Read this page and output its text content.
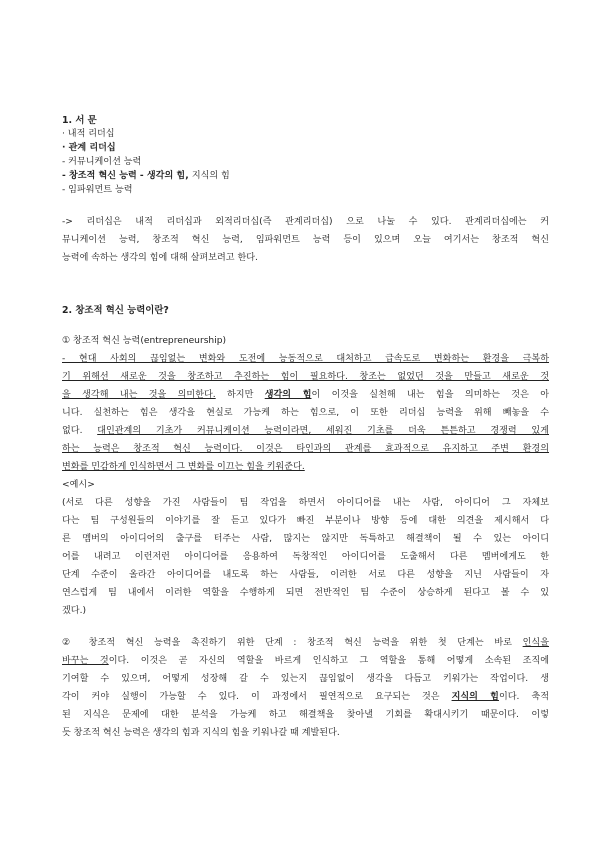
1. 서 문
· 내적 리더십
· 관계 리더십
- 커뮤니케이션 능력
- 창조적 혁신 능력 - 생각의 힘, 지식의 힘
- 임파워먼트 능력
-> 리더십은 내적 리더십과 외적리더십(즉 관계리더십) 으로 나눌 수 있다. 관계리더십에는 커
뮤니케이션 능력, 창조적 혁신 능력, 임파워먼트 능력 등이 있으며 오늘 여기서는 창조적 혁신
능력에 속하는 생각의 힘에 대해 살펴보려고 한다.
2. 창조적 혁신 능력이란?
① 창조적 혁신 능력(entrepreneurship)
- 현대 사회의 끊임없는 변화와 도전에 능동적으로 대처하고 급속도로 변화하는 환경을 극복하
기 위해선 새로운 것을 창조하고 추진하는 힘이 필요하다. 창조는 없었던 것을 만들고 새로운 것
을 생각해 내는 것을 의미한다. 하지만 생각의 힘이 이것을 실천해 내는 힘을 의미하는 것은 아
니다. 실천하는 힘은 생각을 현실로 가능케 하는 힘으로, 이 또한 리더십 능력을 위해 빼놓을 수
없다. 대인관계의 기초가 커뮤니케이션 능력이라면, 세워진 기초를 더욱 튼튼하고 경쟁력 있게
하는 능력은 창조적 혁신 능력이다. 이것은 타인과의 관계를 효과적으로 유지하고 주변 환경의
변화를 민감하게 인식하면서 그 변화를 이끄는 힘을 키워준다.
<예시>
(서로 다른 성향을 가진 사람들이 팀 작업을 하면서 아이디어를 내는 사람, 아이디어 그 자체보
다는 팀 구성원들의 이야기를 잘 듣고 있다가 빠진 부분이나 방향 등에 대한 의견을 제시해서 다
른 멤버의 아이디어의 출구를 터주는 사람, 많지는 않지만 독특하고 해결책이 될 수 있는 아이디
어를 내려고 이런저런 아이디어를 응용하여 독창적인 아이디어를 도출해서 다른 멤버에게도 한
단계 수준이 올라간 아이디어를 내도록 하는 사람들, 이러한 서로 다른 성향을 지닌 사람들이 자
연스럽게 팀 내에서 이러한 역할을 수행하게 되면 전반적인 팀 수준이 상승하게 된다고 볼 수 있
겠다.)
② 창조적 혁신 능력을 촉진하기 위한 단계 : 창조적 혁신 능력을 위한 첫 단계는 바로 인식을
바꾸는 것이다. 이것은 곧 자신의 역할을 바르게 인식하고 그 역할을 통해 어떻게 소속된 조직에
기여할 수 있으며, 어떻게 성장해 갈 수 있는지 끊임없이 생각을 다듬고 키워가는 작업이다. 생
각이 커야 실행이 가능할 수 있다. 이 과정에서 필연적으로 요구되는 것은 지식의 힘이다. 축적
된 지식은 문제에 대한 분석을 가능케 하고 해결책을 찾아낼 기회를 확대시키기 때문이다. 이렇
듯 창조적 혁신 능력은 생각의 힘과 지식의 힘을 키워나갈 때 계발된다.
